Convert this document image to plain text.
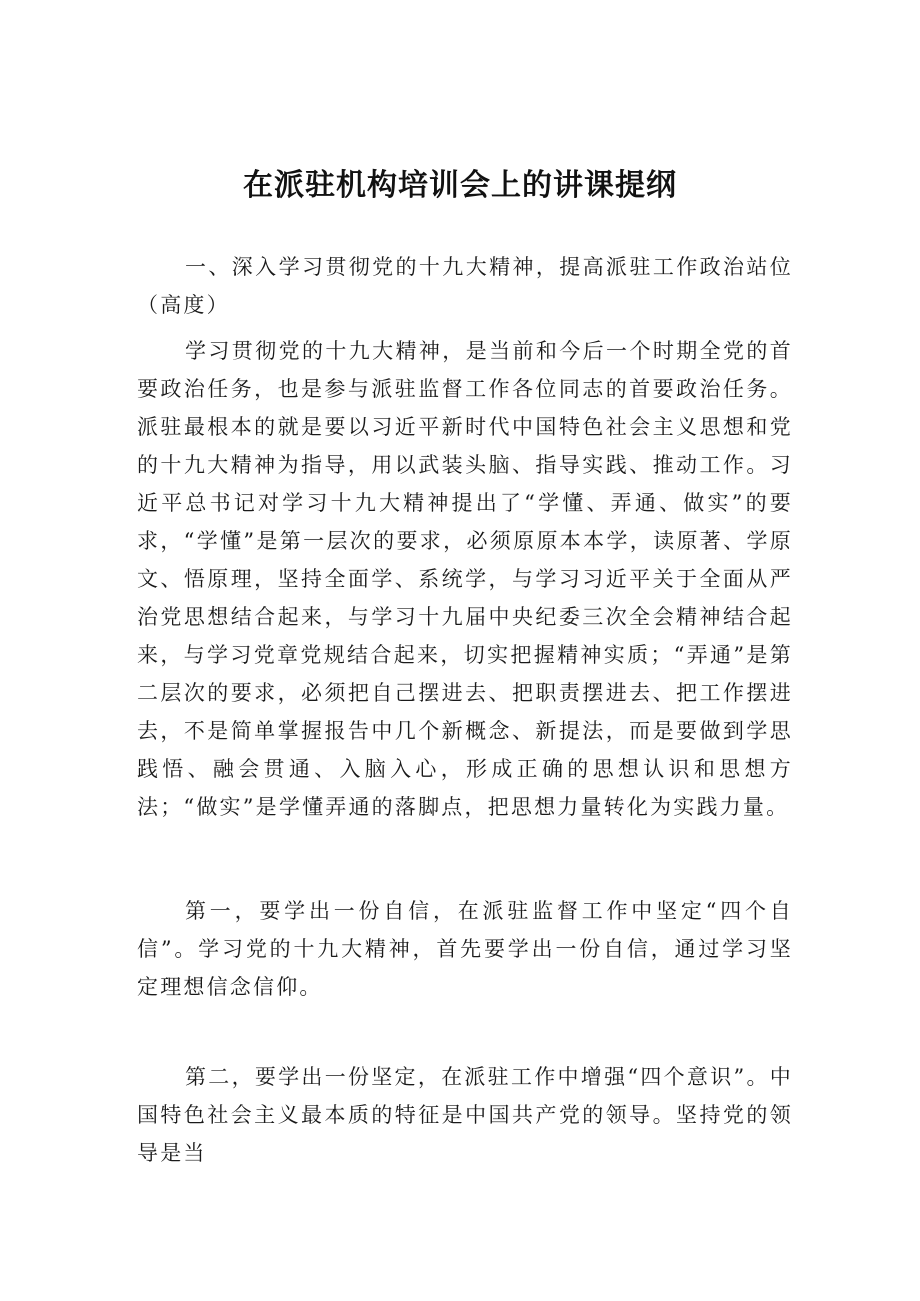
在派驻机构培训会上的讲课提纲

一、深入学习贯彻党的十九大精神，提高派驻工作政治站位（高度）

学习贯彻党的十九大精神，是当前和今后一个时期全党的首要政治任务，也是参与派驻监督工作各位同志的首要政治任务。派驻最根本的就是要以习近平新时代中国特色社会主义思想和党的十九大精神为指导，用以武装头脑、指导实践、推动工作。习近平总书记对学习十九大精神提出了“学懂、弄通、做实”的要求，“学懂”是第一层次的要求，必须原原本本学，读原著、学原文、悟原理，坚持全面学、系统学，与学习习近平关于全面从严治党思想结合起来，与学习十九届中央纪委三次全会精神结合起来，与学习党章党规结合起来，切实把握精神实质；“弄通”是第二层次的要求，必须把自己摆进去、把职责摆进去、把工作摆进去，不是简单掌握报告中几个新概念、新提法，而是要做到学思践悟、融会贯通、入脑入心，形成正确的思想认识和思想方法；“做实”是学懂弄通的落脚点，把思想力量转化为实践力量。

第一，要学出一份自信，在派驻监督工作中坚定“四个自信”。学习党的十九大精神，首先要学出一份自信，通过学习坚定理想信念信仰。

第二，要学出一份坚定，在派驻工作中增强“四个意识”。中国特色社会主义最本质的特征是中国共产党的领导。坚持党的领导是当
